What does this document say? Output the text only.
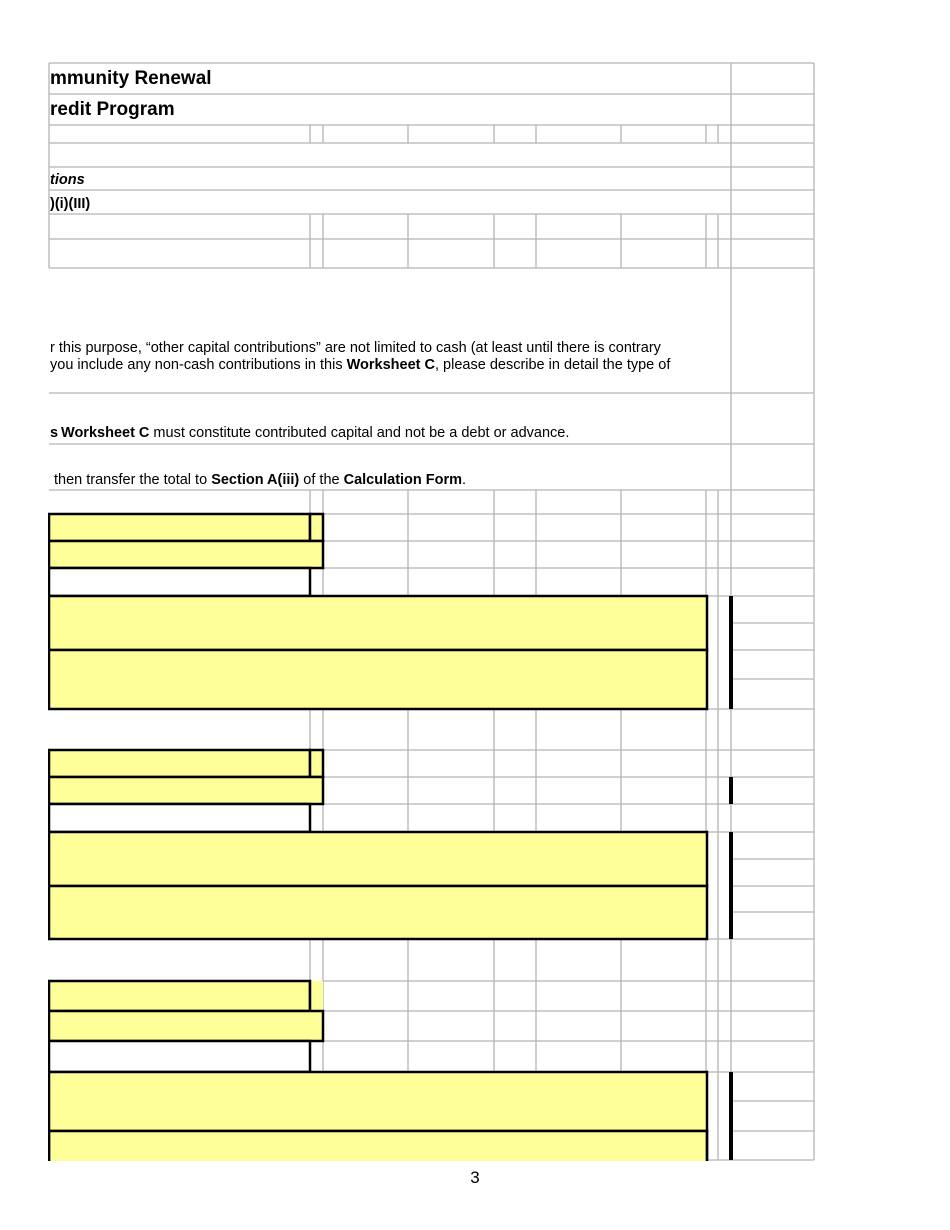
mmunity Renewal
redit Program
tions
)(i)(III)
r this purpose, “other capital contributions” are not limited to cash (at least until there is contrary
you include any non-cash contributions in this Worksheet C, please describe in detail the type of
s Worksheet C must constitute contributed capital and not be a debt or advance.
then transfer the total to Section A(iii) of the Calculation Form.
3
